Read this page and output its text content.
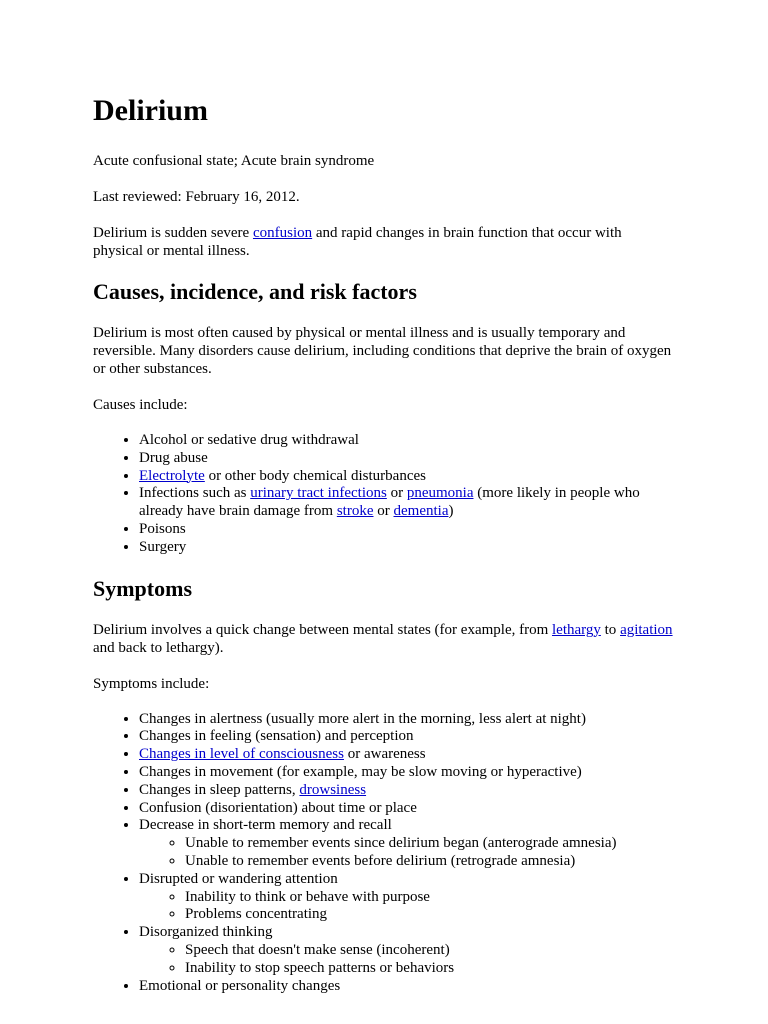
Delirium

Acute confusional state; Acute brain syndrome

Last reviewed: February 16, 2012.

Delirium is sudden severe confusion and rapid changes in brain function that occur with physical or mental illness.

Causes, incidence, and risk factors

Delirium is most often caused by physical or mental illness and is usually temporary and reversible. Many disorders cause delirium, including conditions that deprive the brain of oxygen or other substances.

Causes include:

• Alcohol or sedative drug withdrawal
• Drug abuse
• Electrolyte or other body chemical disturbances
• Infections such as urinary tract infections or pneumonia (more likely in people who already have brain damage from stroke or dementia)
• Poisons
• Surgery
Symptoms

Delirium involves a quick change between mental states (for example, from lethargy to agitation and back to lethargy).

Symptoms include:

• Changes in alertness (usually more alert in the morning, less alert at night)
• Changes in feeling (sensation) and perception
• Changes in level of consciousness or awareness
• Changes in movement (for example, may be slow moving or hyperactive)
• Changes in sleep patterns, drowsiness
• Confusion (disorientation) about time or place
• Decrease in short-term memory and recall
◦ Unable to remember events since delirium began (anterograde amnesia)
◦ Unable to remember events before delirium (retrograde amnesia)
• Disrupted or wandering attention
◦ Inability to think or behave with purpose
◦ Problems concentrating
• Disorganized thinking
◦ Speech that doesn't make sense (incoherent)
◦ Inability to stop speech patterns or behaviors
• Emotional or personality changes
